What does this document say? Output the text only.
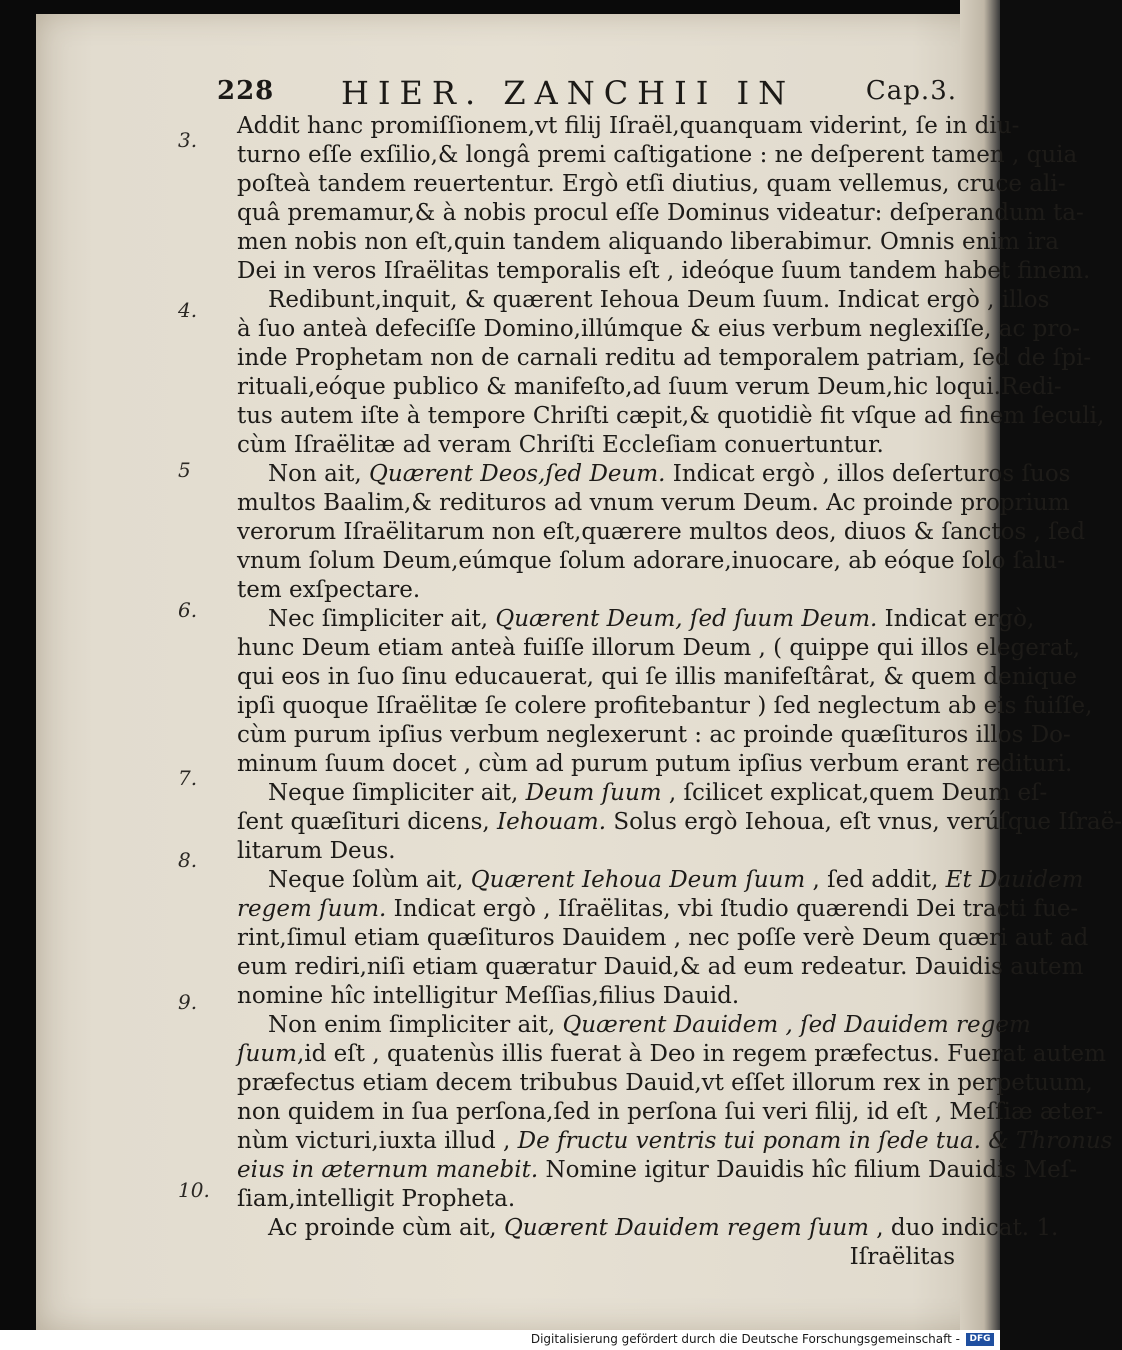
228 HIER. ZANCHII IN	Cap.3.
3.
4.
5
6.
7.
8.
9.
10.
Addit hanc promiſſionem,vt filij Iſraël,quanquam viderint, ſe in diu-
turno eſſe exſilio,& longâ premi caſtigatione : ne deſperent tamen , quia
poſteà tandem reuertentur. Ergò etſi diutius, quam vellemus, cruce ali-
quâ premamur,& à nobis procul eſſe Dominus videatur: deſperandum ta-
men nobis non eſt,quin tandem aliquando liberabimur. Omnis enim ira
Dei in veros Iſraëlitas temporalis eſt , ideóque ſuum tandem habet finem.
Redibunt,inquit, & quærent Iehoua Deum ſuum. Indicat ergò , illos
à ſuo anteà defeciſſe Domino,illúmque & eius verbum neglexiſſe, ac pro-
inde Prophetam non de carnali reditu ad temporalem patriam, ſed de ſpi-
rituali,eóque publico & manifeſto,ad ſuum verum Deum,hic loqui.Redi-
tus autem iſte à tempore Chriſti cæpit,& quotidiè fit vſque ad finem ſeculi,
cùm Iſraëlitæ ad veram Chriſti Eccleſiam conuertuntur.
Non ait, Quærent Deos,ſed Deum. Indicat ergò , illos deſerturos ſuos
multos Baalim,& redituros ad vnum verum Deum. Ac proinde proprium
verorum Iſraëlitarum non eſt,quærere multos deos, diuos & ſanctos , ſed
vnum ſolum Deum,eúmque ſolum adorare,inuocare, ab eóque ſolo ſalu-
tem exſpectare.
Nec ſimpliciter ait, Quærent Deum, ſed ſuum Deum. Indicat ergò,
hunc Deum etiam anteà fuiſſe illorum Deum , ( quippe qui illos elegerat,
qui eos in ſuo ſinu educauerat, qui ſe illis manifeſtârat, & quem denique
ipſi quoque Iſraëlitæ ſe colere profitebantur ) ſed neglectum ab eis fuiſſe,
cùm purum ipſius verbum neglexerunt : ac proinde quæſituros illos Do-
minum ſuum docet , cùm ad purum putum ipſius verbum erant redituri.
Neque ſimpliciter ait, Deum ſuum , ſcilicet explicat,quem Deum eſ-
ſent quæſituri dicens, Iehouam. Solus ergò Iehoua, eſt vnus, verúſque Iſraë-
litarum Deus.
Neque ſolùm ait, Quærent Iehoua Deum ſuum , ſed addit, Et Dauidem
regem ſuum. Indicat ergò , Iſraëlitas, vbi ſtudio quærendi Dei tracti fue-
rint,ſimul etiam quæſituros Dauidem , nec poſſe verè Deum quæri aut ad
eum rediri,niſi etiam quæratur Dauid,& ad eum redeatur. Dauidis autem
nomine hîc intelligitur Meſſias,filius Dauid.
Non enim ſimpliciter ait, Quærent Dauidem , ſed Dauidem regem
ſuum,id eſt , quatenùs illis fuerat à Deo in regem præfectus. Fuerat autem
præfectus etiam decem tribubus Dauid,vt eſſet illorum rex in perpetuum,
non quidem in ſua perſona,ſed in perſona ſui veri filij, id eſt , Meſſiæ æter-
nùm victuri,iuxta illud , De fructu ventris tui ponam in ſede tua. & Thronus
eius in æternum manebit. Nomine igitur Dauidis hîc filium Dauidis Meſ-
ſiam,intelligit Propheta.
Ac proinde cùm ait, Quærent Dauidem regem ſuum , duo indicat. 1.
Iſraëlitas
Digitalisierung gefördert durch die Deutsche Forschungsgemeinschaft -	DFG
